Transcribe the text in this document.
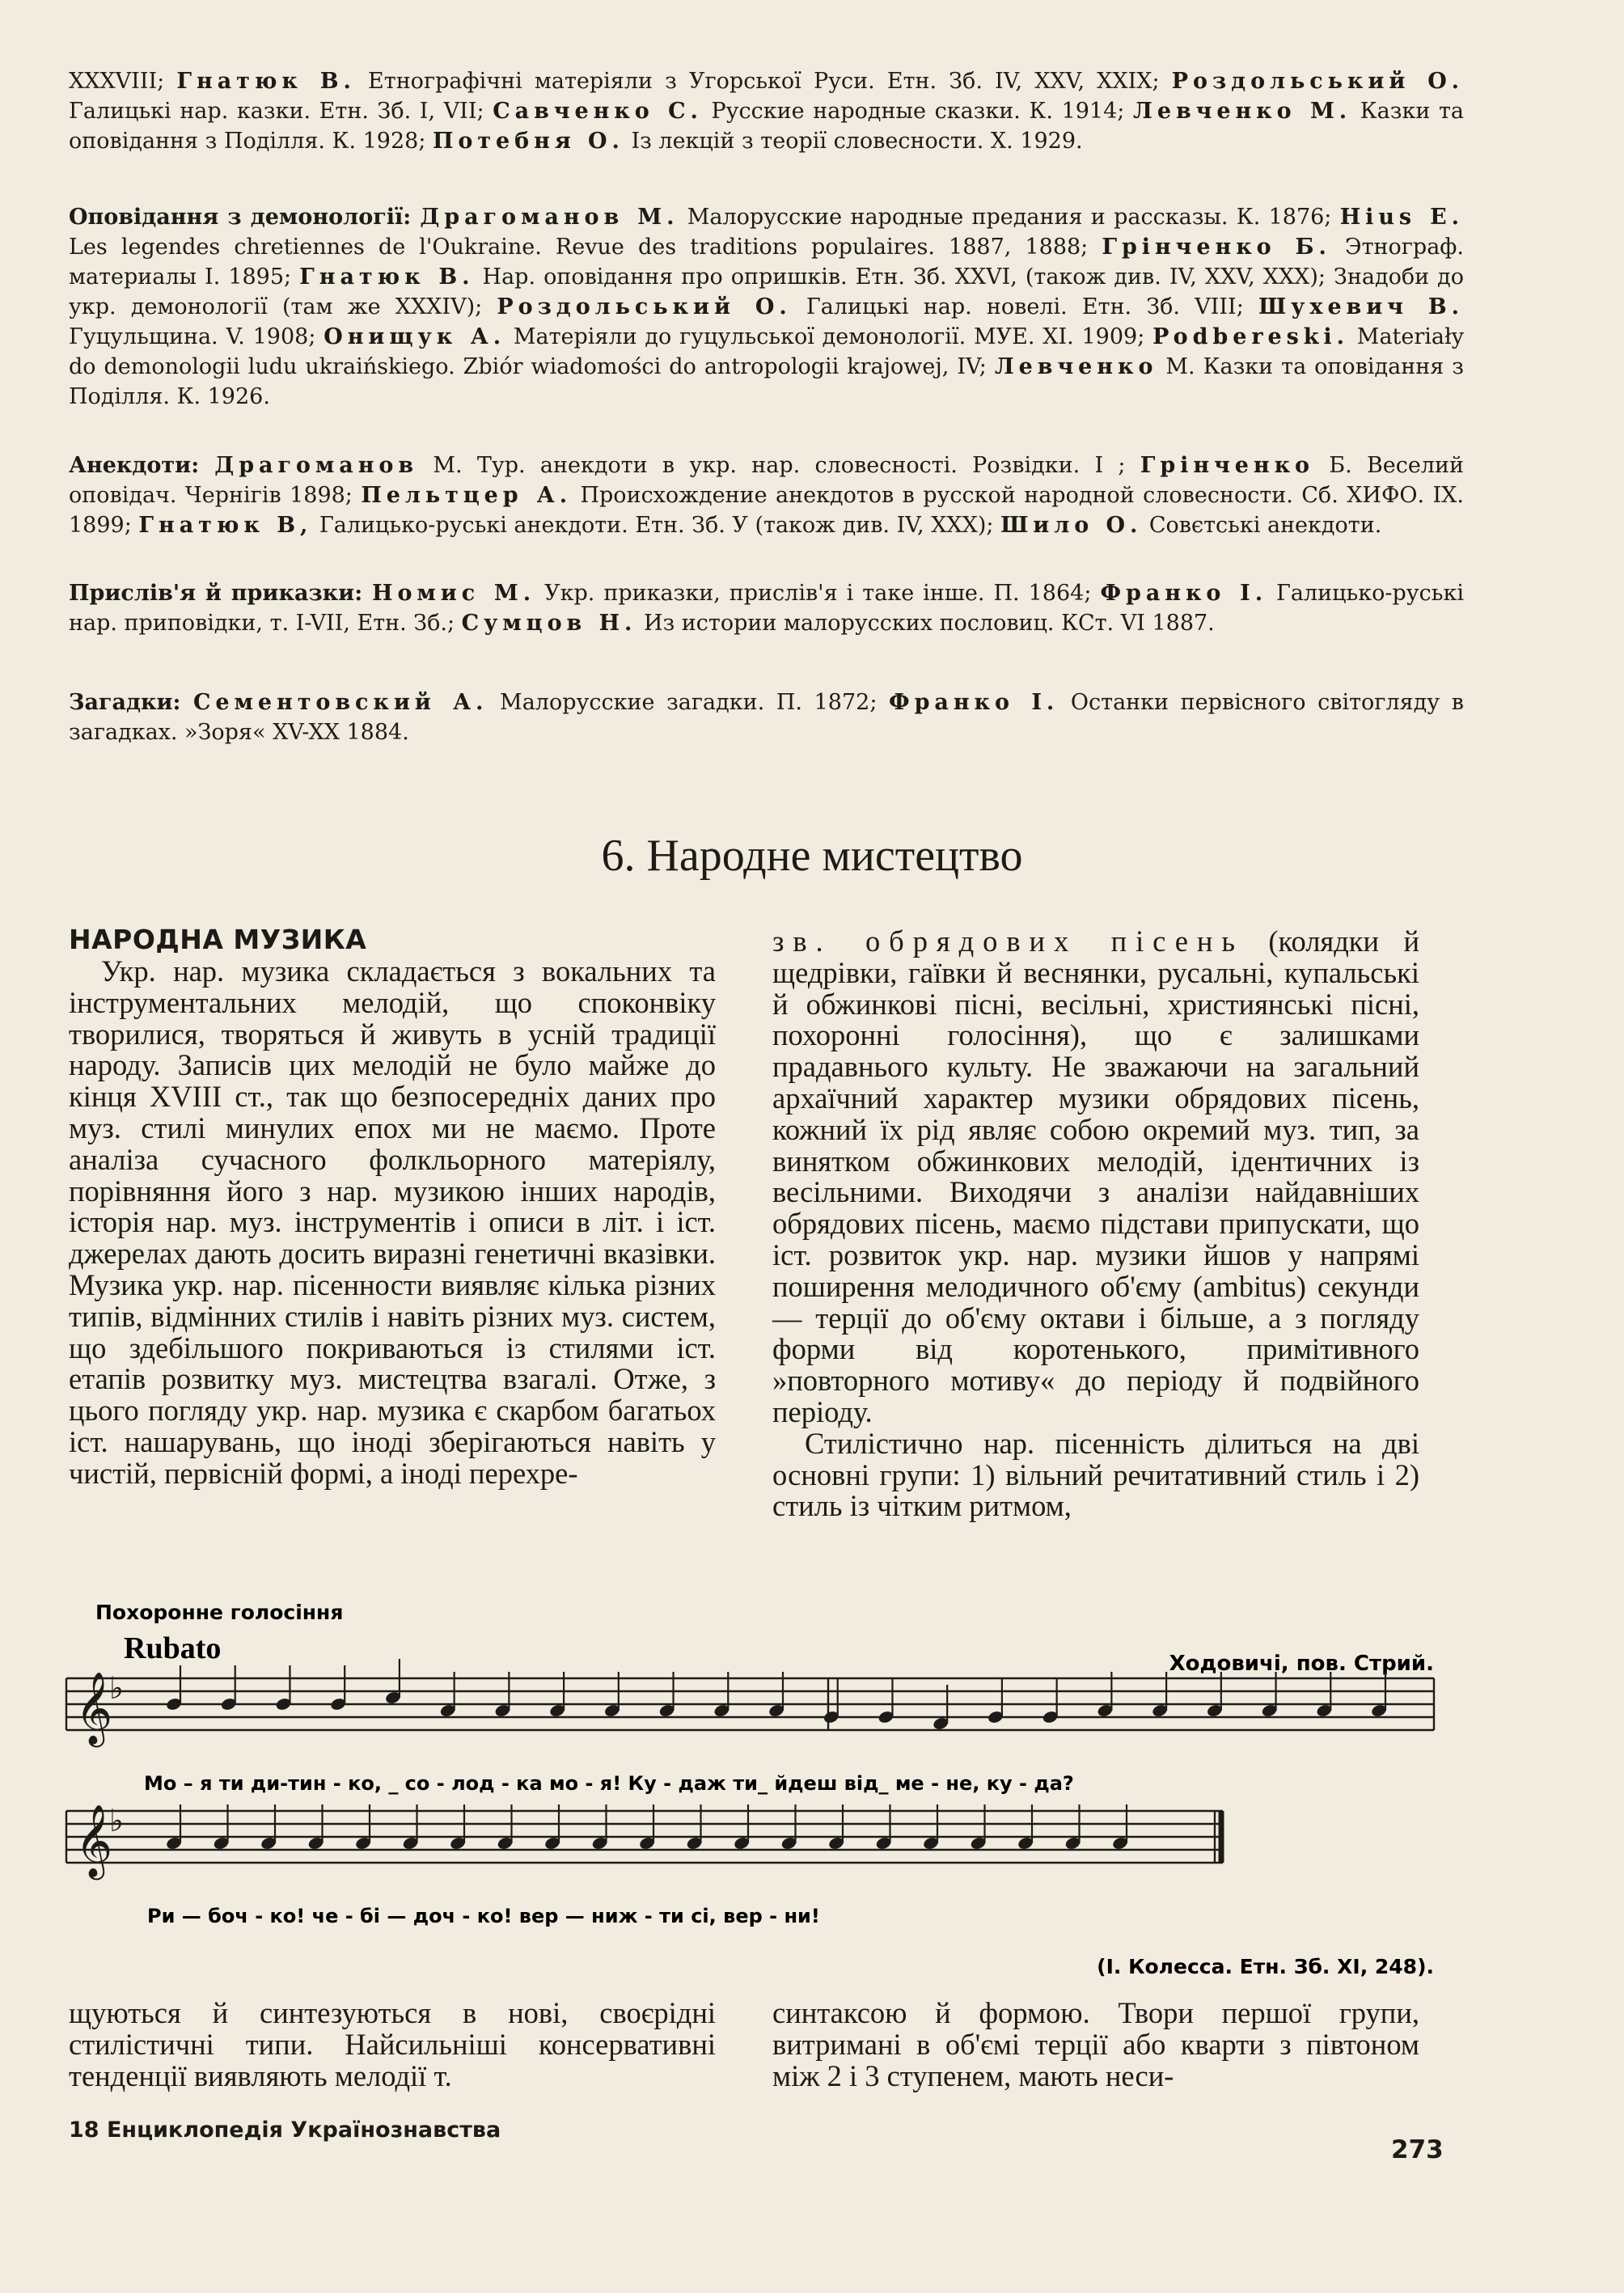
XXXVIII; Гнатюк В. Етнографічні матеріяли з Угорської Руси. Етн. Зб. IV, XXV, XXIX; Роздольський О. Галицькі нар. казки. Етн. Зб. I, VII; Савченко С. Русские народные сказки. К. 1914; Левченко М. Казки та оповідання з Поділля. К. 1928; Потебня О. Із лекцій з теорії словесности. Х. 1929.
Оповідання з демонології: Драгоманов М. Малорусские народные предания и рассказы. К. 1876; Hius E. Les legendes chretiennes de l'Oukraine. Revue des traditions populaires. 1887, 1888; Грінченко Б. Этнограф. материалы I. 1895; Гнатюк В. Нар. оповідання про опришків. Етн. Зб. XXVI, (також див. IV, XXV, XXX); Знадоби до укр. демонології (там же XXXIV); Роздольський О. Галицькі нар. новелі. Етн. Зб. VIII; Шухевич В. Гуцульщина. V. 1908; Онищук А. Матеріяли до гуцульської демонології. МУЕ. XI. 1909; Podbereski. Materiały do demonologii ludu ukraińskiego. Zbiór wiadomości do antropologii krajowej, IV; Левченко М. Казки та оповідання з Поділля. К. 1926.
Анекдоти: Драгоманов М. Тур. анекдоти в укр. нар. словесності. Розвідки. I ; Грінченко Б. Веселий оповідач. Чернігів 1898; Пельтцер А. Происхождение анекдотов в русской народной словесности. Сб. ХИФО. IX. 1899; Гнатюк В, Галицько-руські анекдоти. Етн. Зб. У (також див. IV, XXX); Шило О. Совєтські анекдоти.
Прислів'я й приказки: Номис М. Укр. приказки, прислів'я і таке інше. П. 1864; Франко I. Галицько-руські нар. приповідки, т. I-VII, Етн. Зб.; Сумцов Н. Из истории малорусских пословиц. КСт. VI 1887.
Загадки: Сементовский А. Малорусские загадки. П. 1872; Франко I. Останки первісного світогляду в загадках. »Зоря« XV-XX 1884.
6. Народне мистецтво
НАРОДНА МУЗИКА

Укр. нар. музика складається з вокальних та інструментальних мелодій, що споконвіку творилися, творяться й живуть в усній традиції народу. Записів цих мелодій не було майже до кінця XVIII ст., так що безпосередніх даних про муз. стилі минулих епох ми не маємо. Проте аналіза сучасного фолкльорного матеріялу, порівняння його з нар. музикою інших народів, історія нар. муз. інструментів і описи в літ. і іст. джерелах дають досить виразні генетичні вказівки. Музика укр. нар. пісенности виявляє кілька різних типів, відмінних стилів і навіть різних муз. систем, що здебільшого покриваються із стилями іст. етапів розвитку муз. мистецтва взагалі. Отже, з цього погляду укр. нар. музика є скарбом багатьох іст. нашарувань, що іноді зберігаються навіть у чистій, первісній формі, а іноді перехре-

зв. обрядових пісень (колядки й щедрівки, гаївки й веснянки, русальні, купальські й обжинкові пісні, весільні, християнські пісні, похоронні голосіння), що є залишками прадавнього культу. Не зважаючи на загальний архаїчний характер музики обрядових пісень, кожний їх рід являє собою окремий муз. тип, за винятком обжинкових мелодій, ідентичних із весільними. Виходячи з аналізи найдавніших обрядових пісень, маємо підстави припускати, що іст. розвиток укр. нар. музики йшов у напрямі поширення мелодичного об'єму (ambitus) секунди — терції до об'єму октави і більше, а з погляду форми від коротенького, примітивного »повторного мотиву« до періоду й подвійного періоду.

Стилістично нар. пісенність ділиться на дві основні групи: 1) вільний речитативний стиль і 2) стиль із чітким ритмом,

Похоронне голосіння
Rubato	Ходовичі, пов. Стрий.
𝄞
𝄞
♭
♭
Мо – я ти ди-тин - ко, _ со - лод - ка мо - я! Ку - даж ти_ йдеш від_ ме - не, ку - да?
Ри — боч - ко! че - бі — доч - ко! вер — ниж - ти сі, вер - ни!
(І. Колесса. Етн. Зб. XI, 248).

щуються й синтезуються в нові, своєрідні стилістичні типи. Найсильніші консервативні тенденції виявляють мелодії т.

синтаксою й формою. Твори першої групи, витримані в об'ємі терції або кварти з півтоном між 2 і 3 ступенем, мають неси-

18 Енциклопедія Українознавства
273
